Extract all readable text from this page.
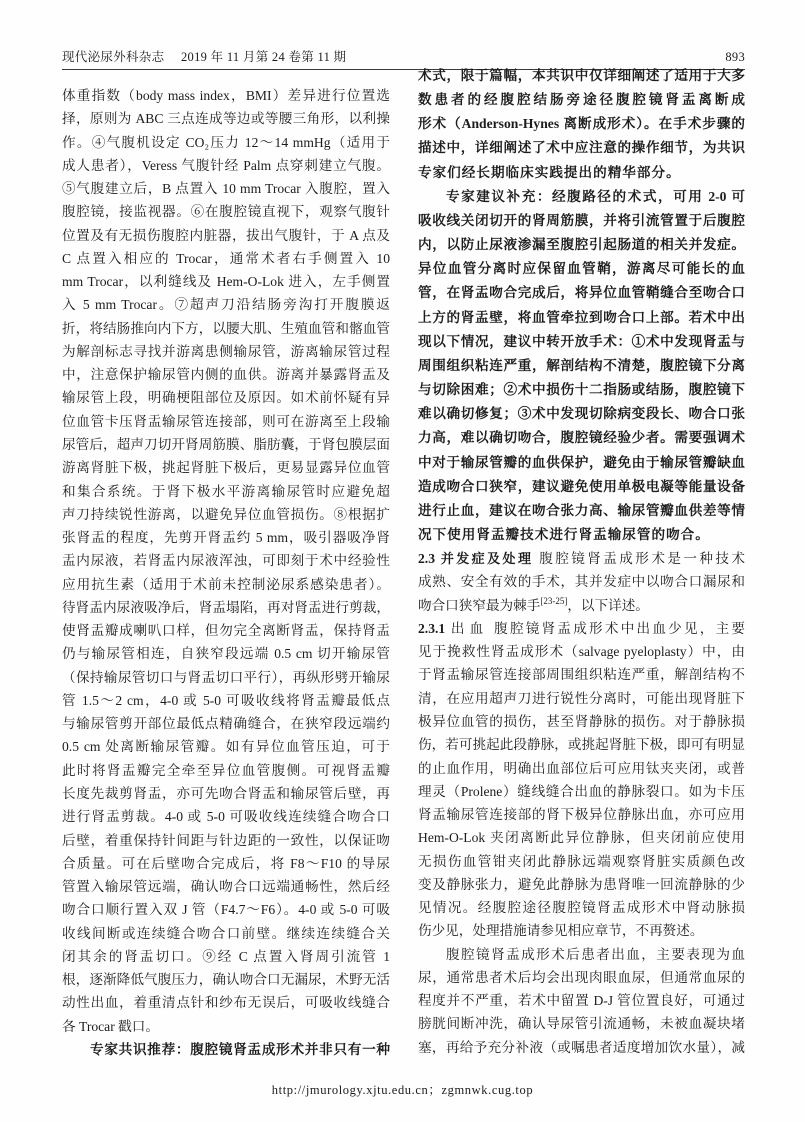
现代泌尿外科杂志 2019 年 11 月第 24 卷第 11 期	893
体重指数（body mass index，BMI）差异进行位置选
择，原则为 ABC 三点连成等边或等腰三角形，以利操
作。④气腹机设定 CO₂压力 12～14 mmHg（适用于
成人患者），Veress 气腹针经 Palm 点穿刺建立气腹。
⑤气腹建立后，B 点置入 10 mm Trocar 入腹腔，置入
腹腔镜，接监视器。⑥在腹腔镜直视下，观察气腹针
位置及有无损伤腹腔内脏器，拔出气腹针，于 A 点及
C 点置入相应的 Trocar，通常术者右手侧置入 10
mm Trocar，以利缝线及 Hem-O-Lok 进入，左手侧置
入 5 mm Trocar。⑦超声刀沿结肠旁沟打开腹膜返
折，将结肠推向内下方，以腰大肌、生殖血管和髂血管
为解剖标志寻找并游离患侧输尿管，游离输尿管过程
中，注意保护输尿管内侧的血供。游离并暴露肾盂及
输尿管上段，明确梗阻部位及原因。如术前怀疑有异
位血管卡压肾盂输尿管连接部，则可在游离至上段输
尿管后，超声刀切开肾周筋膜、脂肪囊，于肾包膜层面
游离肾脏下极，挑起肾脏下极后，更易显露异位血管
和集合系统。于肾下极水平游离输尿管时应避免超
声刀持续锐性游离，以避免异位血管损伤。⑧根据扩
张肾盂的程度，先剪开肾盂约 5 mm，吸引器吸净肾
盂内尿液，若肾盂内尿液浑浊，可即刻于术中经验性
应用抗生素（适用于术前未控制泌尿系感染患者）。
待肾盂内尿液吸净后，肾盂塌陷，再对肾盂进行剪裁，
使肾盂瓣成喇叭口样，但勿完全离断肾盂，保持肾盂
仍与输尿管相连，自狭窄段远端 0.5 cm 切开输尿管
（保持输尿管切口与肾盂切口平行），再纵形劈开输尿
管 1.5～2 cm，4-0 或 5-0 可吸收线将肾盂瓣最低点
与输尿管剪开部位最低点精确缝合，在狭窄段远端约
0.5 cm 处离断输尿管瓣。如有异位血管压迫，可于
此时将肾盂瓣完全牵至异位血管腹侧。可视肾盂瓣
长度先裁剪肾盂，亦可先吻合肾盂和输尿管后壁，再
进行肾盂剪裁。4-0 或 5-0 可吸收线连续缝合吻合口
后壁，着重保持针间距与针边距的一致性，以保证吻
合质量。可在后壁吻合完成后，将 F8～F10 的导尿
管置入输尿管远端，确认吻合口远端通畅性，然后经
吻合口顺行置入双 J 管（F4.7～F6）。4-0 或 5-0 可吸
收线间断或连续缝合吻合口前壁。继续连续缝合关
闭其余的肾盂切口。⑨经 C 点置入肾周引流管 1
根，逐渐降低气腹压力，确认吻合口无漏尿，术野无活
动性出血，着重清点针和纱布无误后，可吸收线缝合
各 Trocar 戳口。
专家共识推荐：腹腔镜肾盂成形术并非只有一种
术式，限于篇幅，本共识中仅详细阐述了适用于大多
数患者的经腹腔结肠旁途径腹腔镜肾盂离断成
形术（Anderson-Hynes 离断成形术）。在手术步骤的
描述中，详细阐述了术中应注意的操作细节，为共识
专家们经长期临床实践提出的精华部分。
专家建议补充：经腹路径的术式，可用 2-0 可
吸收线关闭切开的肾周筋膜，并将引流管置于后腹腔
内，以防止尿液渗漏至腹腔引起肠道的相关并发症。
异位血管分离时应保留血管鞘，游离尽可能长的血
管，在肾盂吻合完成后，将异位血管鞘缝合至吻合口
上方的肾盂壁，将血管牵拉到吻合口上部。若术中出
现以下情况，建议中转开放手术：①术中发现肾盂与
周围组织粘连严重，解剖结构不清楚，腹腔镜下分离
与切除困难；②术中损伤十二指肠或结肠，腹腔镜下
难以确切修复；③术中发现切除病变段长、吻合口张
力高，难以确切吻合，腹腔镜经验少者。需要强调术
中对于输尿管瓣的血供保护，避免由于输尿管瓣缺血
造成吻合口狭窄，建议避免使用单极电凝等能量设备
进行止血，建议在吻合张力高、输尿管瓣血供差等情
况下使用肾盂瓣技术进行肾盂输尿管的吻合。
2.3 并发症及处理 腹腔镜肾盂成形术是一种技术
成熟、安全有效的手术，其并发症中以吻合口漏尿和
吻合口狭窄最为棘手[23-25]，以下详述。
2.3.1 出血 腹腔镜肾盂成形术中出血少见，主要
见于挽救性肾盂成形术（salvage pyeloplasty）中，由
于肾盂输尿管连接部周围组织粘连严重，解剖结构不
清，在应用超声刀进行锐性分离时，可能出现肾脏下
极异位血管的损伤，甚至肾静脉的损伤。对于静脉损
伤，若可挑起此段静脉，或挑起肾脏下极，即可有明显
的止血作用，明确出血部位后可应用钛夹夹闭，或普
理灵（Prolene）缝线缝合出血的静脉裂口。如为卡压
肾盂输尿管连接部的肾下极异位静脉出血，亦可应用
Hem-O-Lok 夹闭离断此异位静脉，但夹闭前应使用
无损伤血管钳夹闭此静脉远端观察肾脏实质颜色改
变及静脉张力，避免此静脉为患肾唯一回流静脉的少
见情况。经腹腔途径腹腔镜肾盂成形术中肾动脉损
伤少见，处理措施请参见相应章节，不再赘述。
腹腔镜肾盂成形术后患者出血，主要表现为血
尿，通常患者术后均会出现肉眼血尿，但通常血尿的
程度并不严重，若术中留置 D-J 管位置良好，可通过
膀胱间断冲洗，确认导尿管引流通畅，未被血凝块堵
塞，再给予充分补液（或嘱患者适度增加饮水量），减
http://jmurology.xjtu.edu.cn；zgmnwk.cug.top
